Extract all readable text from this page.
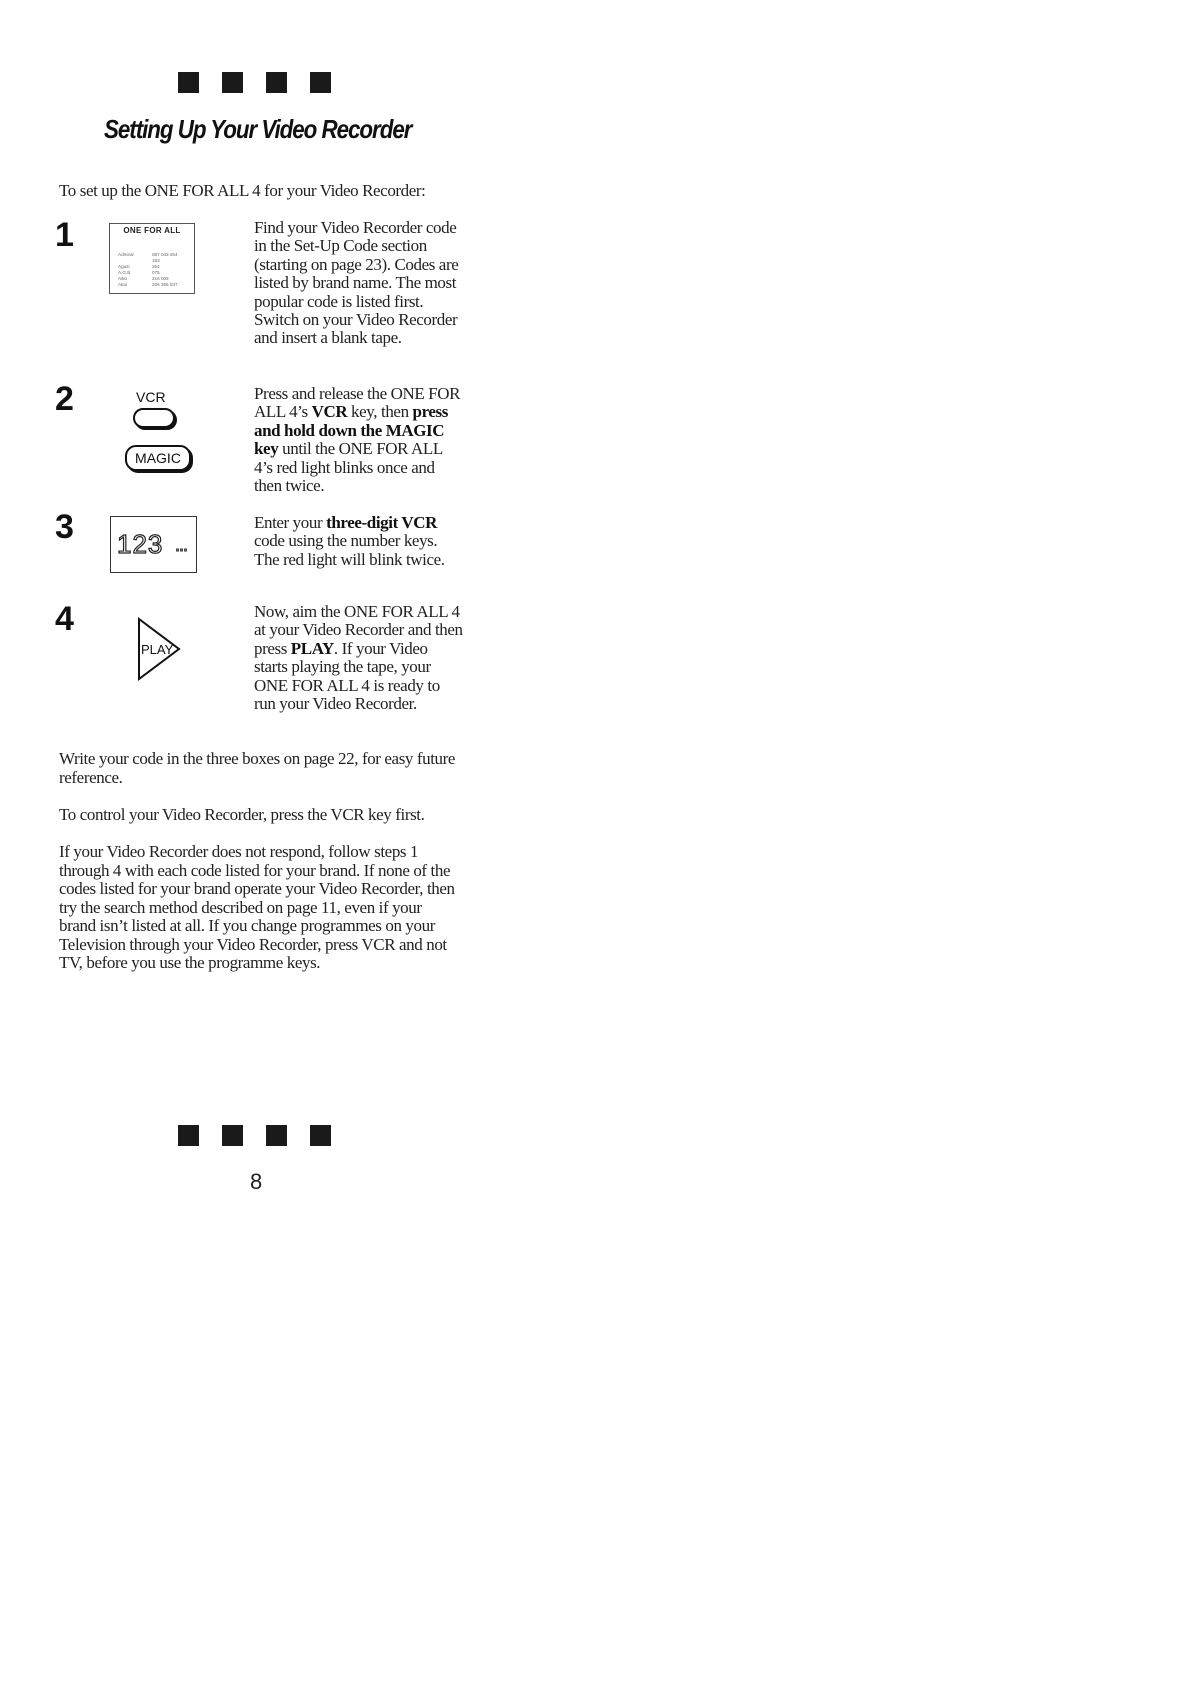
Setting Up Your Video Recorder

To set up the ONE FOR ALL 4 for your Video Recorder:

1	ONE FOR ALL
Admiral	087 043 264
163
Agazi	264
A.G.B	075
Aiko	216 009
Akai	206 355 037
Find your Video Recorder code in the Set-Up Code section (starting on page 23). Codes are listed by brand name. The most popular code is listed first. Switch on your Video Recorder and insert a blank tape.
2	VCR
MAGIC
Press and release the ONE FOR ALL 4’s VCR key, then press and hold down the MAGIC key until the ONE FOR ALL 4’s red light blinks once and then twice.
3 123 ...
Enter your three-digit VCR code using the number keys. The red light will blink twice.
4
PLAY
Now, aim the ONE FOR ALL 4 at your Video Recorder and then press PLAY. If your Video starts playing the tape, your ONE FOR ALL 4 is ready to run your Video Recorder.

Write your code in the three boxes on page 22, for easy future reference.

To control your Video Recorder, press the VCR key first.

If your Video Recorder does not respond, follow steps 1 through 4 with each code listed for your brand. If none of the codes listed for your brand operate your Video Recorder, then try the search method described on page 11, even if your brand isn’t listed at all. If you change programmes on your Television through your Video Recorder, press VCR and not TV, before you use the programme keys.

8
